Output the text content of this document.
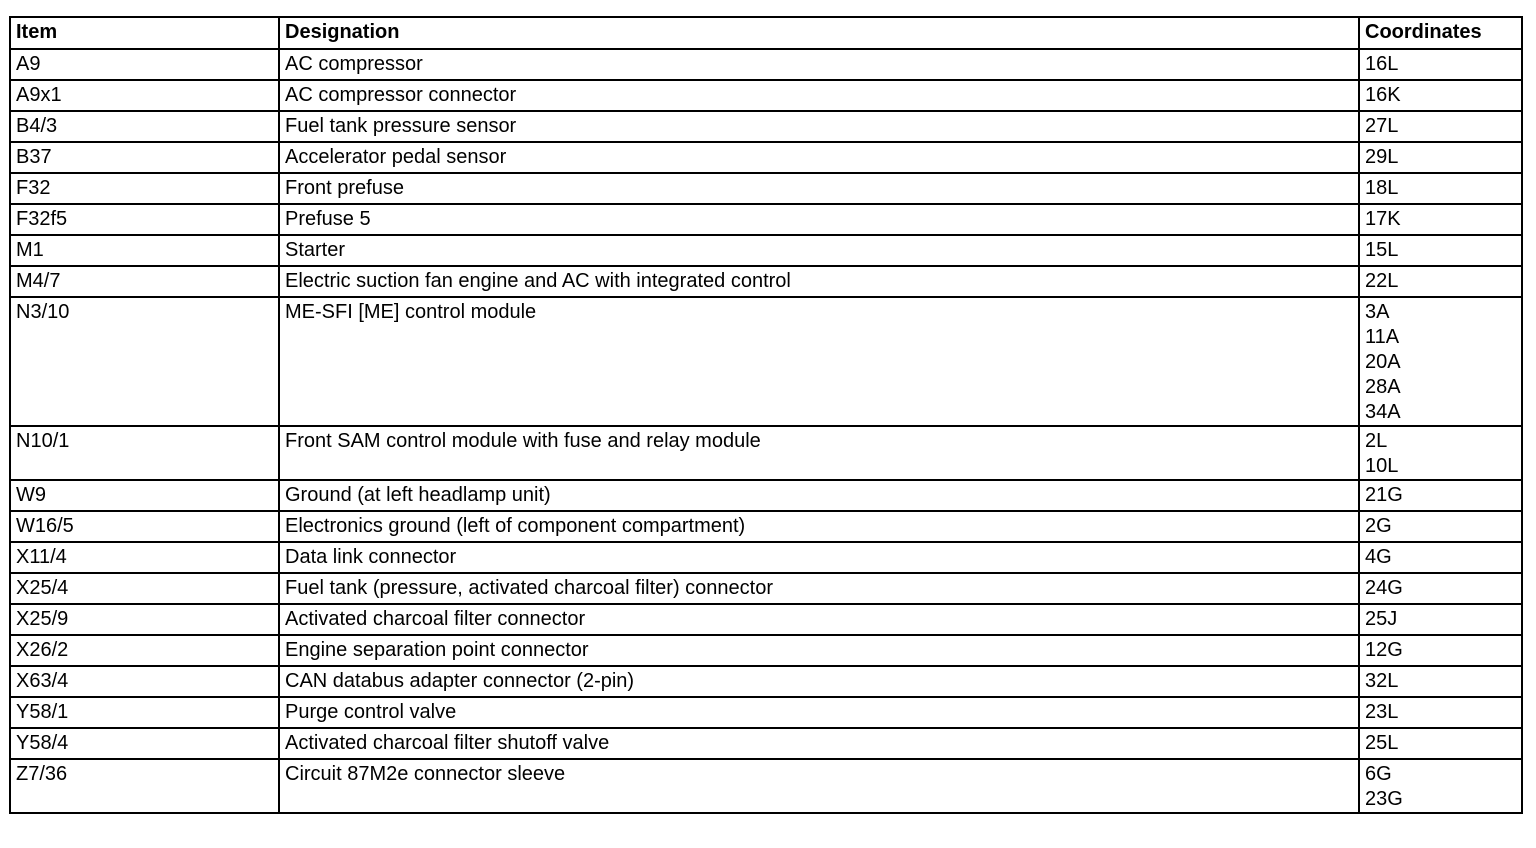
Item	Designation	Coordinates
A9	AC compressor	16L

A9x1	AC compressor connector	16K

B4/3	Fuel tank pressure sensor	27L

B37	Accelerator pedal sensor	29L

F32	Front prefuse	18L

F32f5	Prefuse 5	17K

M1	Starter	15L

M4/7	Electric suction fan engine and AC with integrated control	22L

N3/10	ME-SFI [ME] control module	3A
11A
20A
28A
34A

N10/1	Front SAM control module with fuse and relay module	2L
10L

W9	Ground (at left headlamp unit)	21G

W16/5	Electronics ground (left of component compartment)	2G

X11/4	Data link connector	4G

X25/4	Fuel tank (pressure, activated charcoal filter) connector	24G

X25/9	Activated charcoal filter connector	25J

X26/2	Engine separation point connector	12G

X63/4	CAN databus adapter connector (2-pin)	32L

Y58/1	Purge control valve	23L

Y58/4	Activated charcoal filter shutoff valve	25L

Z7/36	Circuit 87M2e connector sleeve	6G
23G
